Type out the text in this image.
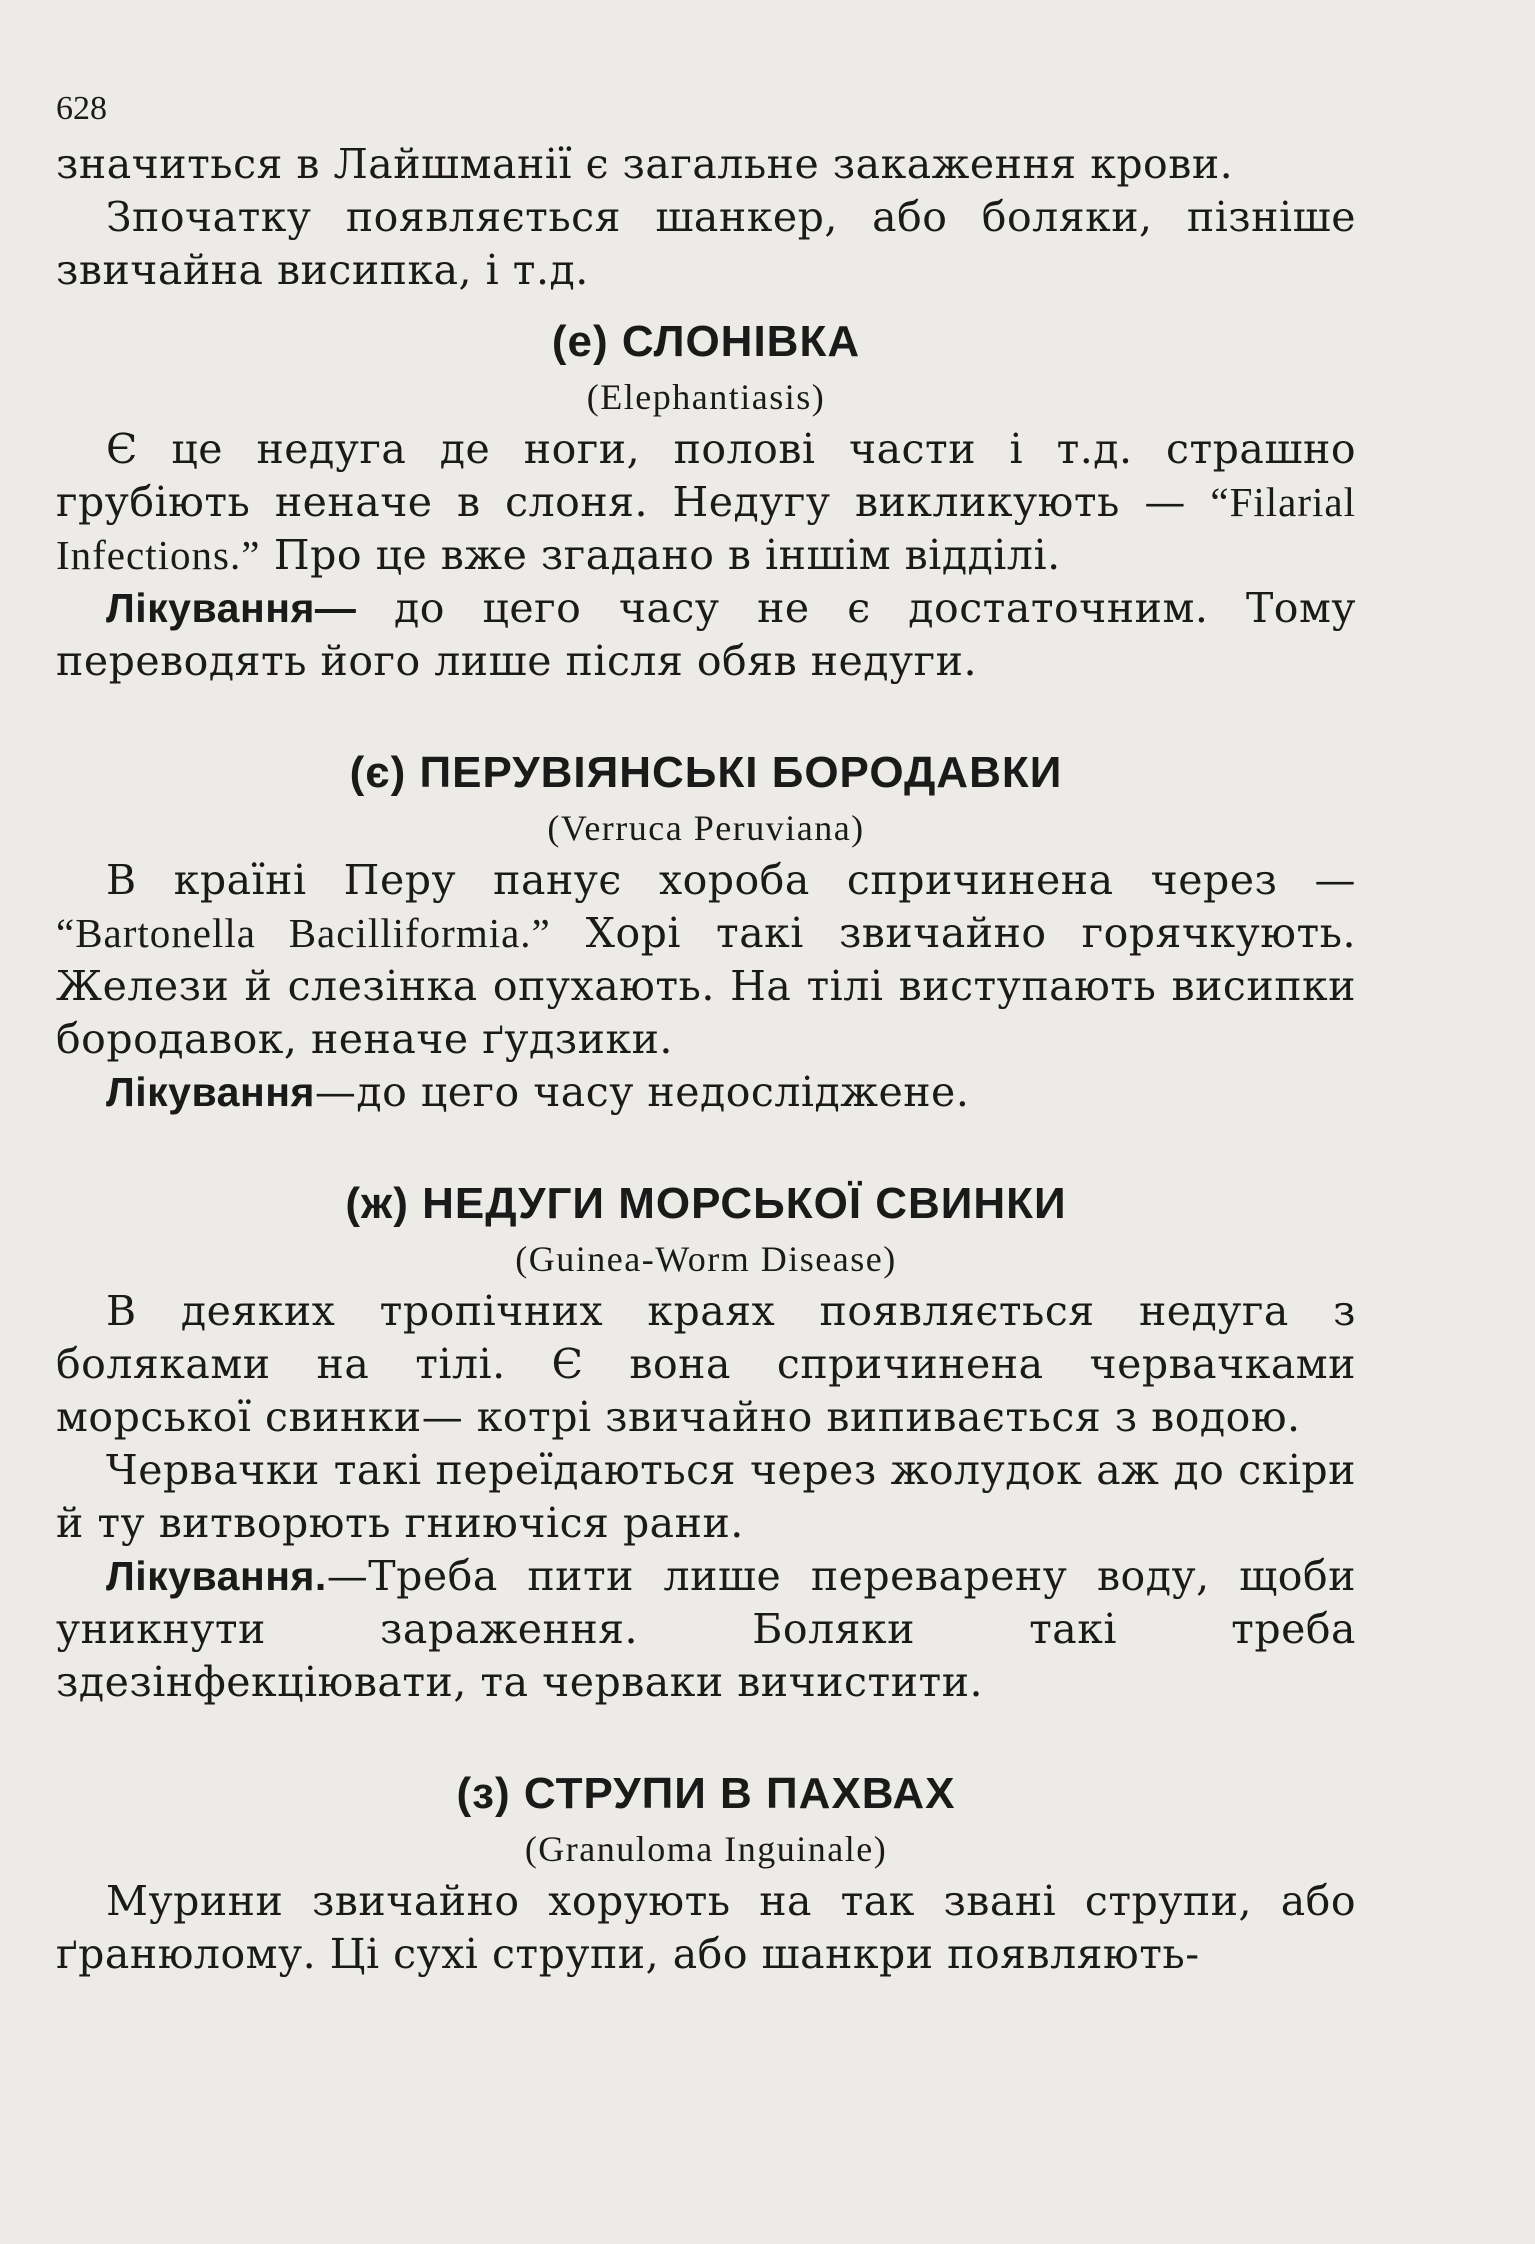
628

значиться в Лайшманії є загальне закаження крови.

Зпочатку появляється шанкер, або боляки, пізніше звичайна висипка, і т.д.

(е) СЛОНІВКА
(Elephantiasis)

Є це недуга де ноги, полові части і т.д. страшно грубіють неначе в слоня. Недугу викликують — “Filarial Infections.” Про це вже згадано в іншім відділі.

Лікування— до цего часу не є достаточним. Тому переводять його лише після обяв недуги.

(є) ПЕРУВІЯНСЬКІ БОРОДАВКИ
(Verruca Peruviana)

В країні Перу панує хороба спричинена через — “Bartonella Bacilliformia.” Хорі такі звичайно горячкують. Желези й слезінка опухають. На тілі виступають висипки бородавок, неначе ґудзики.

Лікування—до цего часу недосліджене.

(ж) НЕДУГИ МОРСЬКОЇ СВИНКИ
(Guinea-Worm Disease)

В деяких тропічних краях появляється недуга з боляками на тілі. Є вона спричинена червачками морської свинки— котрі звичайно випивається з водою.

Червачки такі переїдаються через жолудок аж до скіри й ту витворють гниючіся рани.

Лікування.—Треба пити лише переварену воду, щоби уникнути зараження. Боляки такі треба здезінфекціювати, та черваки вичистити.

(з) СТРУПИ В ПАХВАХ
(Granuloma Inguinale)

Мурини звичайно хорують на так звані струпи, або ґранюлому. Ці сухі струпи, або шанкри появляють-
